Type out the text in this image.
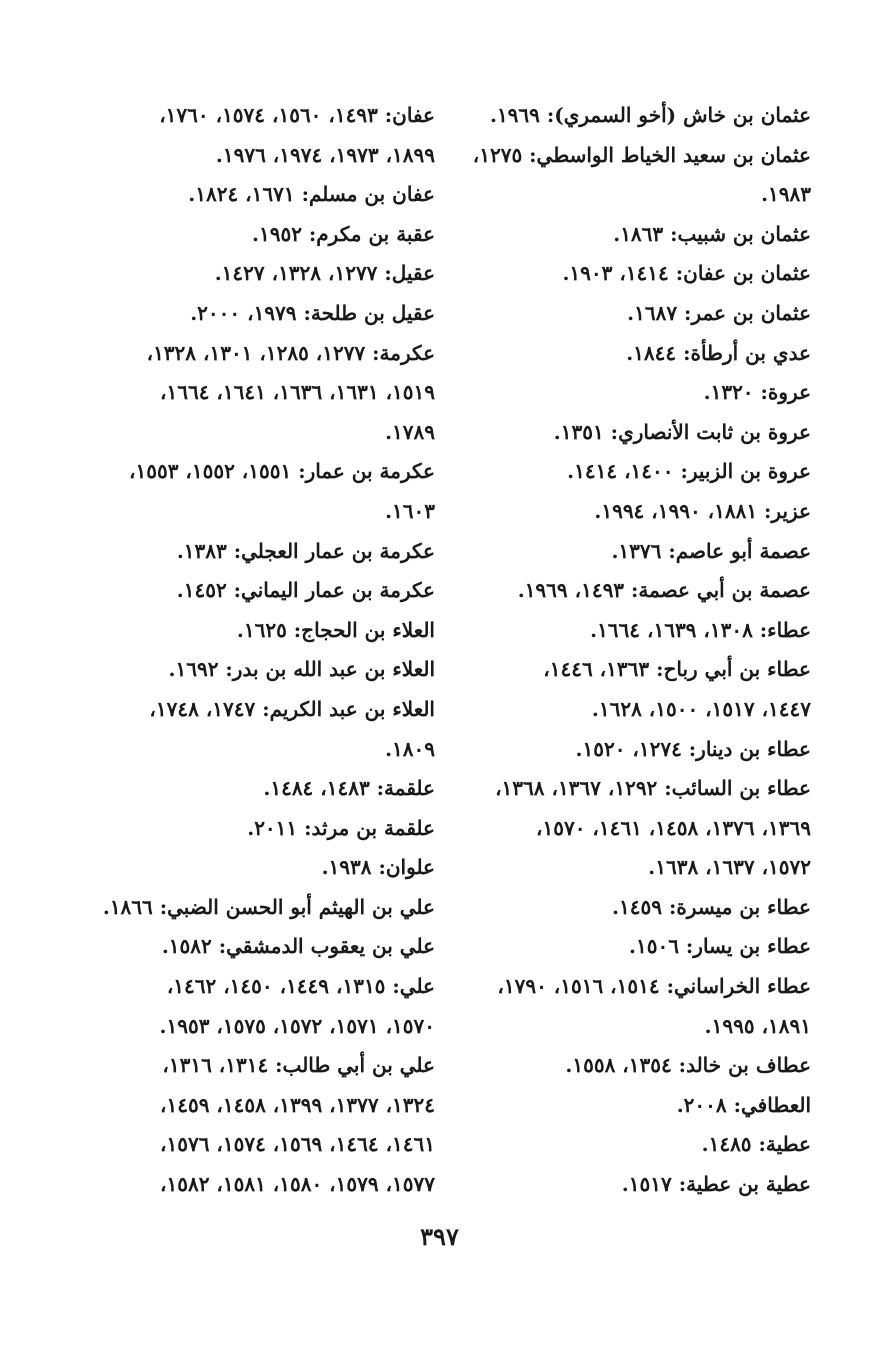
عثمان بن خاش (أخو السمري): ١٩٦٩.
عثمان بن سعيد الخياط الواسطي: ١٢٧٥،
١٩٨٣.
عثمان بن شبيب: ١٨٦٣.
عثمان بن عفان: ١٤١٤، ١٩٠٣.
عثمان بن عمر: ١٦٨٧.
عدي بن أرطأة: ١٨٤٤.
عروة: ١٣٢٠.
عروة بن ثابت الأنصاري: ١٣٥١.
عروة بن الزبير: ١٤٠٠، ١٤١٤.
عزير: ١٨٨١، ١٩٩٠، ١٩٩٤.
عصمة أبو عاصم: ١٣٧٦.
عصمة بن أبي عصمة: ١٤٩٣، ١٩٦٩.
عطاء: ١٣٠٨، ١٦٣٩، ١٦٦٤.
عطاء بن أبي رباح: ١٣٦٣، ١٤٤٦،
١٤٤٧، ١٥١٧، ١٥٠٠، ١٦٢٨.
عطاء بن دينار: ١٢٧٤، ١٥٢٠.
عطاء بن السائب: ١٢٩٢، ١٣٦٧، ١٣٦٨،
١٣٦٩، ١٣٧٦، ١٤٥٨، ١٤٦١، ١٥٧٠،
١٥٧٢، ١٦٣٧، ١٦٣٨.
عطاء بن ميسرة: ١٤٥٩.
عطاء بن يسار: ١٥٠٦.
عطاء الخراساني: ١٥١٤، ١٥١٦، ١٧٩٠،
١٨٩١، ١٩٩٥.
عطاف بن خالد: ١٣٥٤، ١٥٥٨.
العطافي: ٢٠٠٨.
عطية: ١٤٨٥.
عطية بن عطية: ١٥١٧.
عفان: ١٤٩٣، ١٥٦٠، ١٥٧٤، ١٧٦٠،
١٨٩٩، ١٩٧٣، ١٩٧٤، ١٩٧٦.
عفان بن مسلم: ١٦٧١، ١٨٢٤.
عقبة بن مكرم: ١٩٥٢.
عقيل: ١٢٧٧، ١٣٢٨، ١٤٢٧.
عقيل بن طلحة: ١٩٧٩، ٢٠٠٠.
عكرمة: ١٢٧٧، ١٢٨٥، ١٣٠١، ١٣٢٨،
١٥١٩، ١٦٣١، ١٦٣٦، ١٦٤١، ١٦٦٤،
١٧٨٩.
عكرمة بن عمار: ١٥٥١، ١٥٥٢، ١٥٥٣،
١٦٠٣.
عكرمة بن عمار العجلي: ١٣٨٣.
عكرمة بن عمار اليماني: ١٤٥٢.
العلاء بن الحجاج: ١٦٢٥.
العلاء بن عبد الله بن بدر: ١٦٩٢.
العلاء بن عبد الكريم: ١٧٤٧، ١٧٤٨،
١٨٠٩.
علقمة: ١٤٨٣، ١٤٨٤.
علقمة بن مرثد: ٢٠١١.
علوان: ١٩٣٨.
علي بن الهيثم أبو الحسن الضبي: ١٨٦٦.
علي بن يعقوب الدمشقي: ١٥٨٢.
علي: ١٣١٥، ١٤٤٩، ١٤٥٠، ١٤٦٢،
١٥٧٠، ١٥٧١، ١٥٧٢، ١٥٧٥، ١٩٥٣.
علي بن أبي طالب: ١٣١٤، ١٣١٦،
١٣٢٤، ١٣٧٧، ١٣٩٩، ١٤٥٨، ١٤٥٩،
١٤٦١، ١٤٦٤، ١٥٦٩، ١٥٧٤، ١٥٧٦،
١٥٧٧، ١٥٧٩، ١٥٨٠، ١٥٨١، ١٥٨٢،
٣٩٧
